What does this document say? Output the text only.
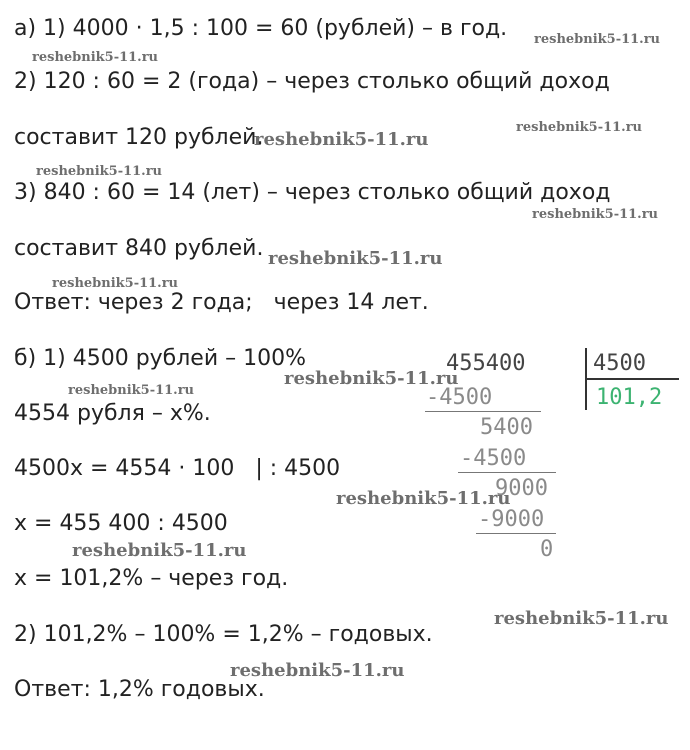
а) 1) 4000 · 1,5 : 100 = 60 (рублей) – в год.
2) 120 : 60 = 2 (года) – через столько общий доход
составит 120 рублей.
3) 840 : 60 = 14 (лет) – через столько общий доход
составит 840 рублей.
Ответ: через 2 года;   через 14 лет.
б) 1) 4500 рублей – 100%
4554 рубля – x%.
4500x = 4554 · 100   | : 4500
x = 455 400 : 4500
x = 101,2% – через год.
2) 101,2% – 100% = 1,2% – годовых.
Ответ: 1,2% годовых.
455400	4500
101,2
-4500
5400
-4500
9000
-9000
0
reshebnik5-11.ru
reshebnik5-11.ru
reshebnik5-11.ru
reshebnik5-11.ru
reshebnik5-11.ru
reshebnik5-11.ru
reshebnik5-11.ru
reshebnik5-11.ru
reshebnik5-11.ru
reshebnik5-11.ru
reshebnik5-11.ru
reshebnik5-11.ru
reshebnik5-11.ru
reshebnik5-11.ru
